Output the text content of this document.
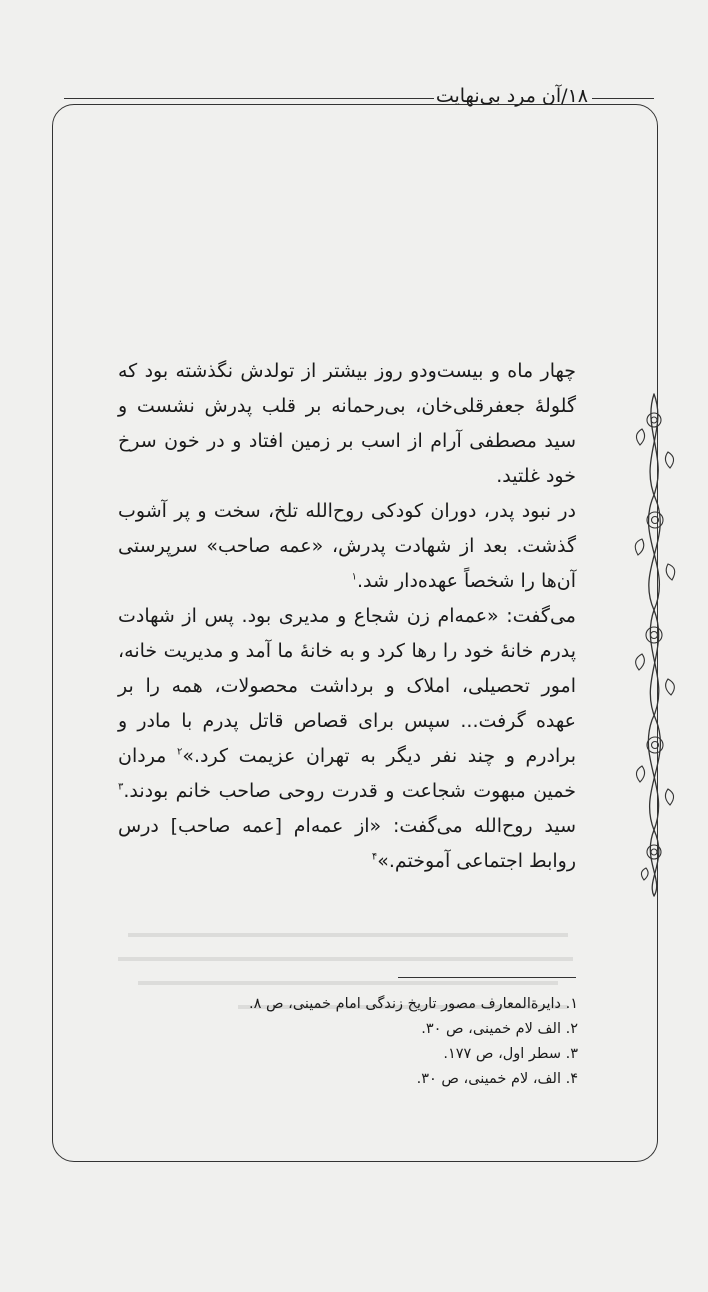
۱۸/آن مرد بی‌نهایت

چهار ماه و بیست‌ودو روز بیشتر از تولدش نگذشته بود که گلولهٔ جعفرقلی‌خان، بی‌رحمانه بر قلب پدرش نشست و سید مصطفی آرام از اسب بر زمین افتاد و در خون سرخ خود غلتید.

در نبود پدر، دوران کودکی روح‌الله تلخ، سخت و پر آشوب گذشت. بعد از شهادت پدرش، «عمه صاحب» سرپرستی آن‌ها را شخصاً عهده‌دار شد.$^۱$

می‌گفت: «عمه‌ام زن شجاع و مدیری بود. پس از شهادت پدرم خانهٔ خود را رها کرد و به خانهٔ ما آمد و مدیریت خانه، امور تحصیلی، املاک و برداشت محصولات، همه را بر عهده گرفت... سپس برای قصاص قاتل پدرم با مادر و برادرم و چند نفر دیگر به تهران عزیمت کرد.»$^۲$ مردان خمین مبهوت شجاعت و قدرت روحی صاحب خانم بودند.$^۳$ سید روح‌الله می‌گفت: «از عمه‌ام [عمه صاحب] درس روابط اجتماعی آموختم.»$^۴$

۱. دایرةالمعارف مصور تاریخ زندگی امام خمینی، ص ۸.
۲. الف لام خمینی، ص ۳۰.
۳. سطر اول، ص ۱۷۷.
۴. الف، لام خمینی، ص ۳۰.
